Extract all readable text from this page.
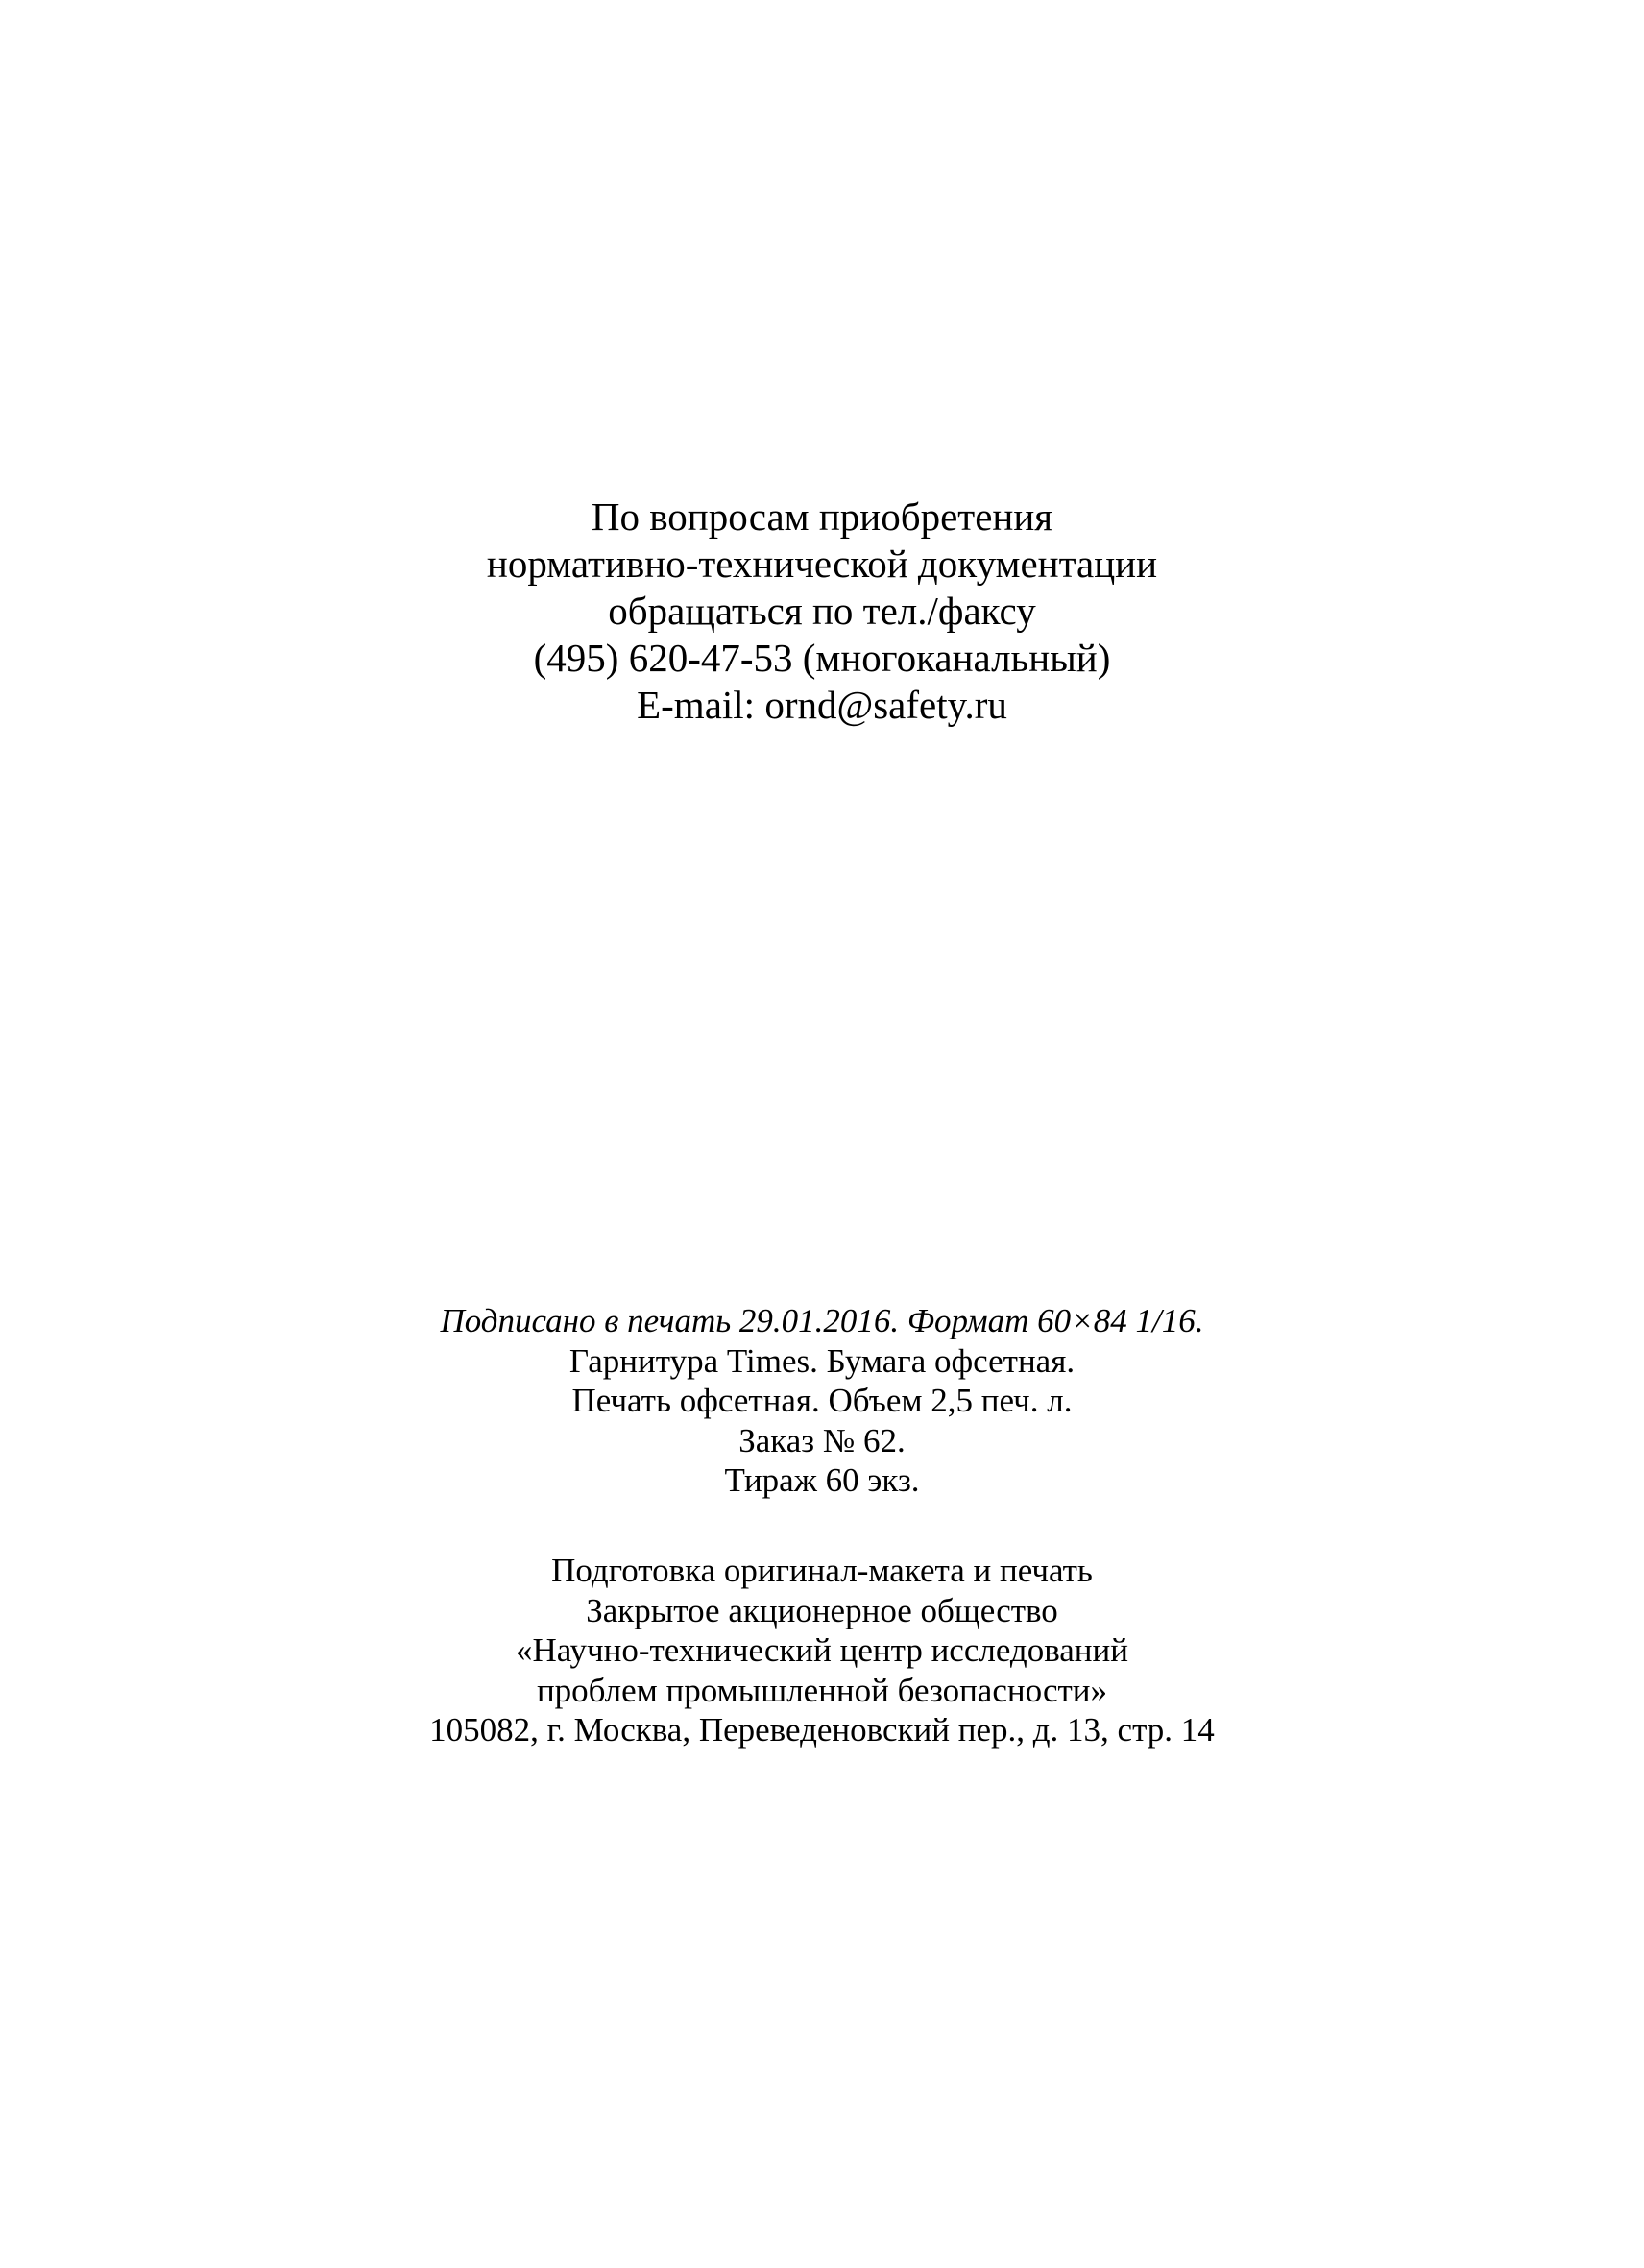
По вопросам приобретения
нормативно-технической документации
обращаться по тел./факсу
(495) 620-47-53 (многоканальный)
E-mail: ornd@safety.ru
Подписано в печать 29.01.2016. Формат 60×84 1/16.
Гарнитура Times. Бумага офсетная.
Печать офсетная. Объем 2,5 печ. л.
Заказ № 62.
Тираж 60 экз.
Подготовка оригинал-макета и печать
Закрытое акционерное общество
«Научно-технический центр исследований
проблем промышленной безопасности»
105082, г. Москва, Переведеновский пер., д. 13, стр. 14
